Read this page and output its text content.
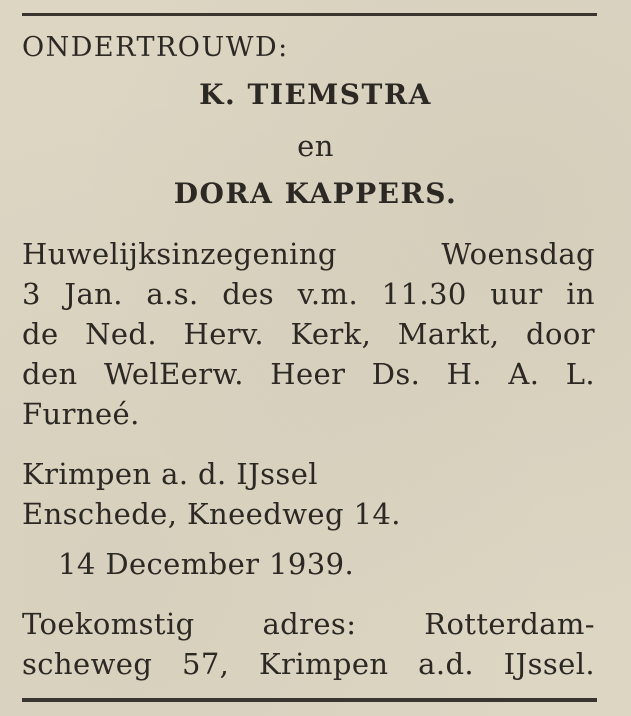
ONDERTROUWD:
K. TIEMSTRA
en
DORA KAPPERS.
Huwelijksinzegening Woensdag
3 Jan. a.s. des v.m. 11.30 uur in
de Ned. Herv. Kerk, Markt, door
den WelEerw. Heer Ds. H. A. L.
Furneé.
Krimpen a. d. IJssel
Enschede, Kneedweg 14.
14 December 1939.
Toekomstig adres: Rotterdam-
scheweg 57, Krimpen a.d. IJssel.
